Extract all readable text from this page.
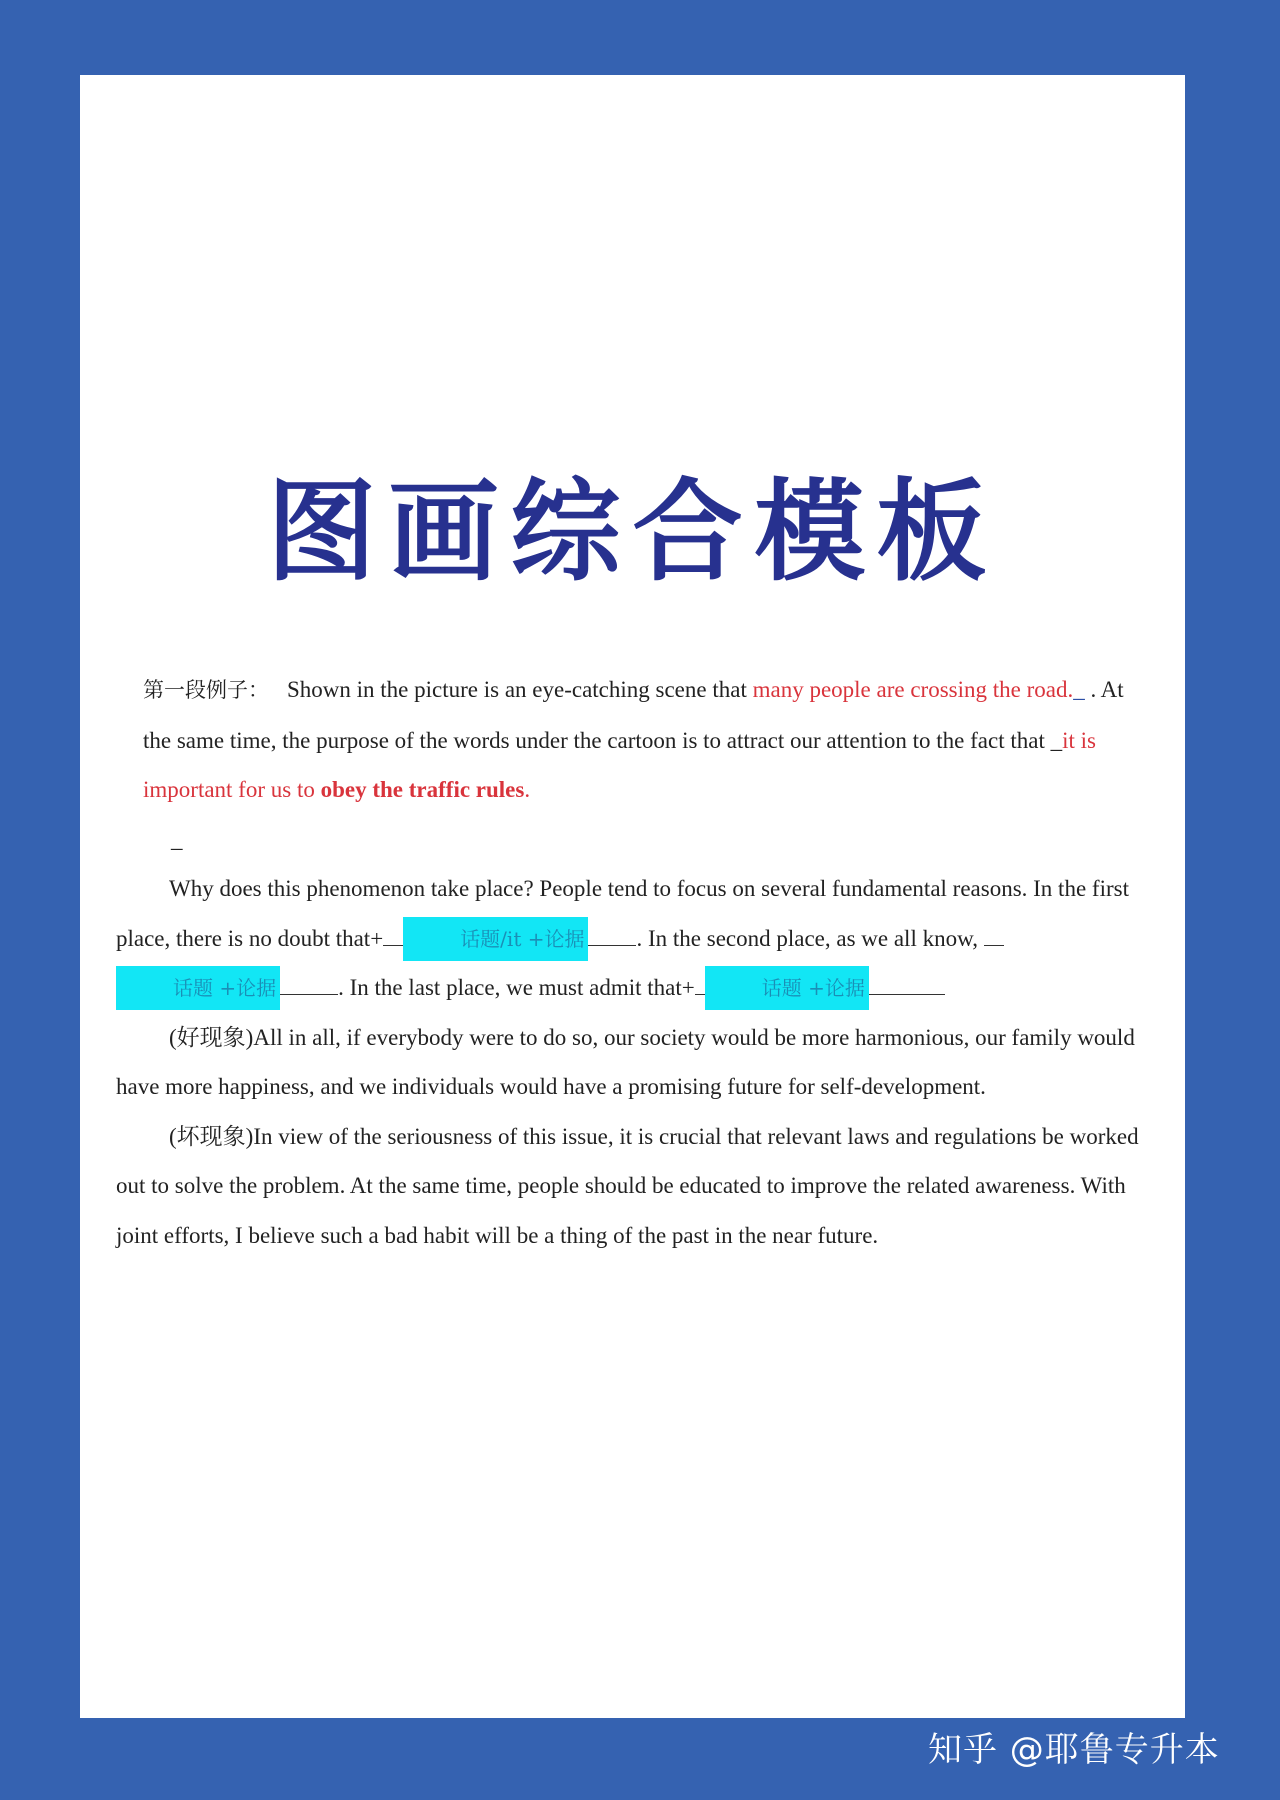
图画综合模板

第一段例子： Shown in the picture is an eye-catching scene that many people are crossing the road._ . At the same time, the purpose of the words under the cartoon is to attract our attention to the fact that _it is important for us to obey the traffic rules.

_

Why does this phenomenon take place? People tend to focus on several fundamental reasons. In the first place, there is no doubt that+	话题/it +论据 . In the second place, as we all know, 话题 +论据	. In the last place, we must admit that+	话题 +论据

(好现象)All in all, if everybody were to do so, our society would be more harmonious, our family would have more happiness, and we individuals would have a promising future for self-development.

(坏现象)In view of the seriousness of this issue, it is crucial that relevant laws and regulations be worked out to solve the problem. At the same time, people should be educated to improve the related awareness. With joint efforts, I believe such a bad habit will be a thing of the past in the near future.

知乎 @耶鲁专升本
